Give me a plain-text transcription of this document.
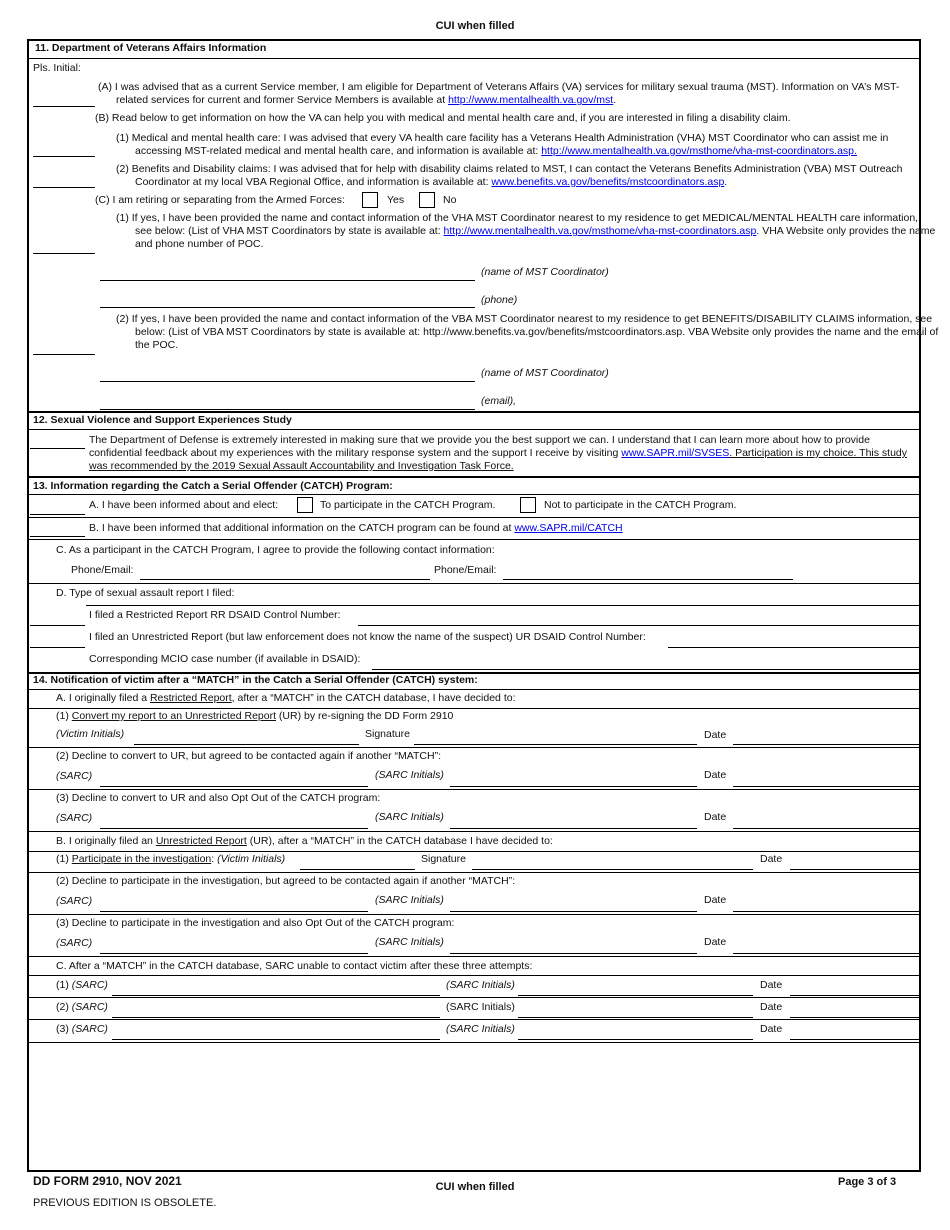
CUI when filled
11. Department of Veterans Affairs Information
Pls. Initial:
(A) I was advised that as a current Service member, I am eligible for Department of Veterans Affairs (VA) services for military sexual trauma (MST). Information on VA’s MST-related services for current and former Service Members is available at http://www.mentalhealth.va.gov/mst.
(B) Read below to get information on how the VA can help you with medical and mental health care and, if you are interested in filing a disability claim.
(1) Medical and mental health care: I was advised that every VA health care facility has a Veterans Health Administration (VHA) MST Coordinator who can assist me in accessing MST-related medical and mental health care, and information is available at: http://www.mentalhealth.va.gov/msthome/vha-mst-coordinators.asp.
(2) Benefits and Disability claims: I was advised that for help with disability claims related to MST, I can contact the Veterans Benefits Administration (VBA) MST Outreach Coordinator at my local VBA Regional Office, and information is available at: www.benefits.va.gov/benefits/mstcoordinators.asp.
(C) I am retiring or separating from the Armed Forces:	Yes	No
(1) If yes, I have been provided the name and contact information of the VHA MST Coordinator nearest to my residence to get MEDICAL/MENTAL HEALTH care information, see below: (List of VHA MST Coordinators by state is available at: http://www.mentalhealth.va.gov/msthome/vha-mst-coordinators.asp. VHA Website only provides the name and phone number of POC.
(name of MST Coordinator)
(phone)
(2) If yes, I have been provided the name and contact information of the VBA MST Coordinator nearest to my residence to get BENEFITS/DISABILITY CLAIMS information, see below: (List of VBA MST Coordinators by state is available at: http://www.benefits.va.gov/benefits/mstcoordinators.asp. VBA Website only provides the name and the email of the POC.
(name of MST Coordinator)
(email),
12. Sexual Violence and Support Experiences Study
The Department of Defense is extremely interested in making sure that we provide you the best support we can. I understand that I can learn more about how to provide confidential feedback about my experiences with the military response system and the support I receive by visiting www.SAPR.mil/SVSES. Participation is my choice. This study was recommended by the 2019 Sexual Assault Accountability and Investigation Task Force.
13. Information regarding the Catch a Serial Offender (CATCH) Program:
A. I have been informed about and elect:	To participate in the CATCH Program.	Not to participate in the CATCH Program.
B. I have been informed that additional information on the CATCH program can be found at www.SAPR.mil/CATCH
C. As a participant in the CATCH Program, I agree to provide the following contact information:
Phone/Email:	Phone/Email:
D. Type of sexual assault report I filed:
I filed a Restricted Report RR DSAID Control Number:
I filed an Unrestricted Report (but law enforcement does not know the name of the suspect) UR DSAID Control Number:
Corresponding MCIO case number (if available in DSAID):
14. Notification of victim after a “MATCH” in the Catch a Serial Offender (CATCH) system:
A. I originally filed a Restricted Report, after a “MATCH” in the CATCH database, I have decided to:
(1) Convert my report to an Unrestricted Report (UR) by re-signing the DD Form 2910
(Victim Initials)	Signature	Date
(2) Decline to convert to UR, but agreed to be contacted again if another “MATCH”:
(SARC)	(SARC Initials)	Date
(3) Decline to convert to UR and also Opt Out of the CATCH program:
(SARC)	(SARC Initials)	Date
B. I originally filed an Unrestricted Report (UR), after a “MATCH” in the CATCH database I have decided to:
(1) Participate in the investigation: (Victim Initials)	Signature	Date
(2) Decline to participate in the investigation, but agreed to be contacted again if another “MATCH”:
(SARC)	(SARC Initials)	Date
(3) Decline to participate in the investigation and also Opt Out of the CATCH program:
(SARC)	(SARC Initials)	Date
C. After a “MATCH” in the CATCH database, SARC unable to contact victim after these three attempts:
(1) (SARC)	(SARC Initials)	Date
(2) (SARC)	(SARC Initials)	Date
(3) (SARC)	(SARC Initials)	Date
DD FORM 2910, NOV 2021	CUI when filled	Page 3 of 3
PREVIOUS EDITION IS OBSOLETE.
